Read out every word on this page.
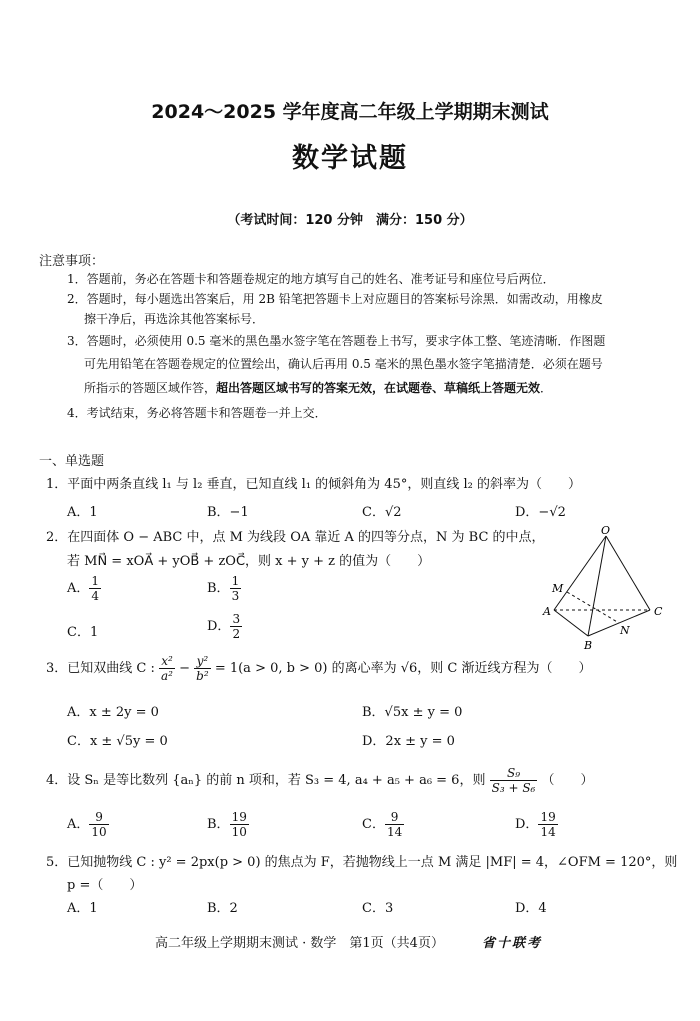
2024～2025 学年度高二年级上学期期末测试
数学试题
（考试时间：120 分钟　满分：150 分）
注意事项：
1．答题前，务必在答题卡和答题卷规定的地方填写自己的姓名、准考证号和座位号后两位．
2．答题时，每小题选出答案后，用 2B 铅笔把答题卡上对应题目的答案标号涂黑．如需改动，用橡皮
擦干净后，再选涂其他答案标号．
3．答题时，必须使用 0.5 毫米的黑色墨水签字笔在答题卷上书写，要求字体工整、笔迹清晰．作图题
可先用铅笔在答题卷规定的位置绘出，确认后再用 0.5 毫米的黑色墨水签字笔描清楚．必须在题号
所指示的答题区域作答，超出答题区域书写的答案无效，在试题卷、草稿纸上答题无效．
4．考试结束，务必将答题卡和答题卷一并上交．
一、单选题
1．平面中两条直线 l₁ 与 l₂ 垂直，已知直线 l₁ 的倾斜角为 45°，则直线 l₂ 的斜率为（　　）
A．1	B．−1	C．√2	D．−√2
2．在四面体 O − ABC 中，点 M 为线段 OA 靠近 A 的四等分点，N 为 BC 的中点，
若 MN⃗ = xOA⃗ + yOB⃗ + zOC⃗，则 x + y + z 的值为（　　）
A． $\frac{1}{4}$	B． $\frac{1}{3}$
C．1	D． $\frac{3}{2}$
O
M
A	C
N
B
3．已知双曲线 C : $\frac{\text{x²}}{\text{a²}} - \frac{\text{y²}}{\text{b²}} = 1(a > 0$, b > 0) 的离心率为 √6，则 C 渐近线方程为（　　）
A．x ± 2y = 0	B．√5x ± y = 0
C．x ± √5y = 0	D．2x ± y = 0
4．设 Sₙ 是等比数列 {aₙ} 的前 n 项和，若 S₃ = 4, a₄ + a₅ + a₆ = 6，则 $\frac{\text{S₉}}{\text{S₃ + S₆}}$ （　　）
A． $\frac{9}{10}$	B． $\frac{19}{10}$	C． $\frac{9}{14}$	D． $\frac{19}{14}$
5．已知抛物线 C : y² = 2px(p > 0) 的焦点为 F，若抛物线上一点 M 满足 |MF| = 4，∠OFM = 120°，则
p =（　　）
A．1	B．2	C．3	D．4
高二年级上学期期末测试 · 数学　第1页（共4页）	省十联考
